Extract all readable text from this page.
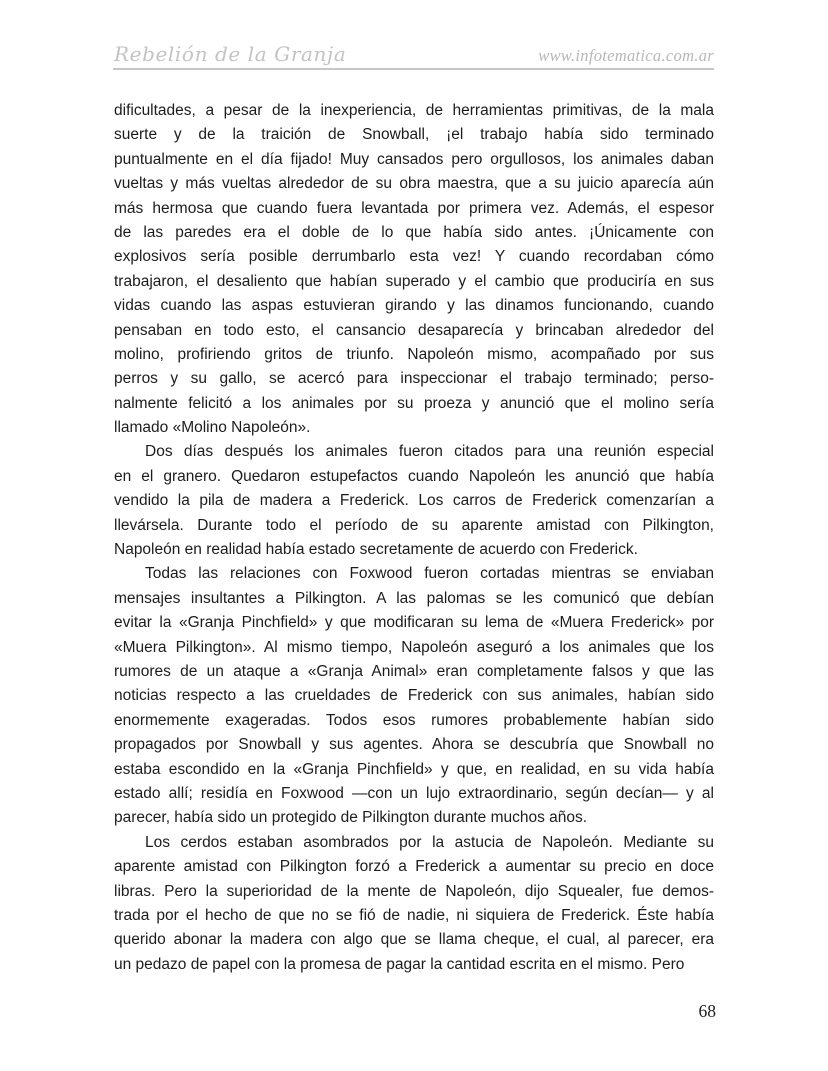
Rebelión de la Granja	www.infotematica.com.ar
dificultades, a pesar de la inexperiencia, de herramientas primitivas, de la mala
suerte y de la traición de Snowball, ¡el trabajo había sido terminado
puntualmente en el día fijado! Muy cansados pero orgullosos, los animales daban
vueltas y más vueltas alrededor de su obra maestra, que a su juicio aparecía aún
más hermosa que cuando fuera levantada por primera vez. Además, el espesor
de las paredes era el doble de lo que había sido antes. ¡Únicamente con
explosivos sería posible derrumbarlo esta vez! Y cuando recordaban cómo
trabajaron, el desaliento que habían superado y el cambio que produciría en sus
vidas cuando las aspas estuvieran girando y las dinamos funcionando, cuando
pensaban en todo esto, el cansancio desaparecía y brincaban alrededor del
molino, profiriendo gritos de triunfo. Napoleón mismo, acompañado por sus
perros y su gallo, se acercó para inspeccionar el trabajo terminado; perso-
nalmente felicitó a los animales por su proeza y anunció que el molino sería
llamado «Molino Napoleón».
Dos días después los animales fueron citados para una reunión especial
en el granero. Quedaron estupefactos cuando Napoleón les anunció que había
vendido la pila de madera a Frederick. Los carros de Frederick comenzarían a
llevársela. Durante todo el período de su aparente amistad con Pilkington,
Napoleón en realidad había estado secretamente de acuerdo con Frederick.
Todas las relaciones con Foxwood fueron cortadas mientras se enviaban
mensajes insultantes a Pilkington. A las palomas se les comunicó que debían
evitar la «Granja Pinchfield» y que modificaran su lema de «Muera Frederick» por
«Muera Pilkington». Al mismo tiempo, Napoleón aseguró a los animales que los
rumores de un ataque a «Granja Animal» eran completamente falsos y que las
noticias respecto a las crueldades de Frederick con sus animales, habían sido
enormemente exageradas. Todos esos rumores probablemente habían sido
propagados por Snowball y sus agentes. Ahora se descubría que Snowball no
estaba escondido en la «Granja Pinchfield» y que, en realidad, en su vida había
estado allí; residía en Foxwood —con un lujo extraordinario, según decían— y al
parecer, había sido un protegido de Pilkington durante muchos años.
Los cerdos estaban asombrados por la astucia de Napoleón. Mediante su
aparente amistad con Pilkington forzó a Frederick a aumentar su precio en doce
libras. Pero la superioridad de la mente de Napoleón, dijo Squealer, fue demos-
trada por el hecho de que no se fió de nadie, ni siquiera de Frederick. Éste había
querido abonar la madera con algo que se llama cheque, el cual, al parecer, era
un pedazo de papel con la promesa de pagar la cantidad escrita en el mismo. Pero
68
